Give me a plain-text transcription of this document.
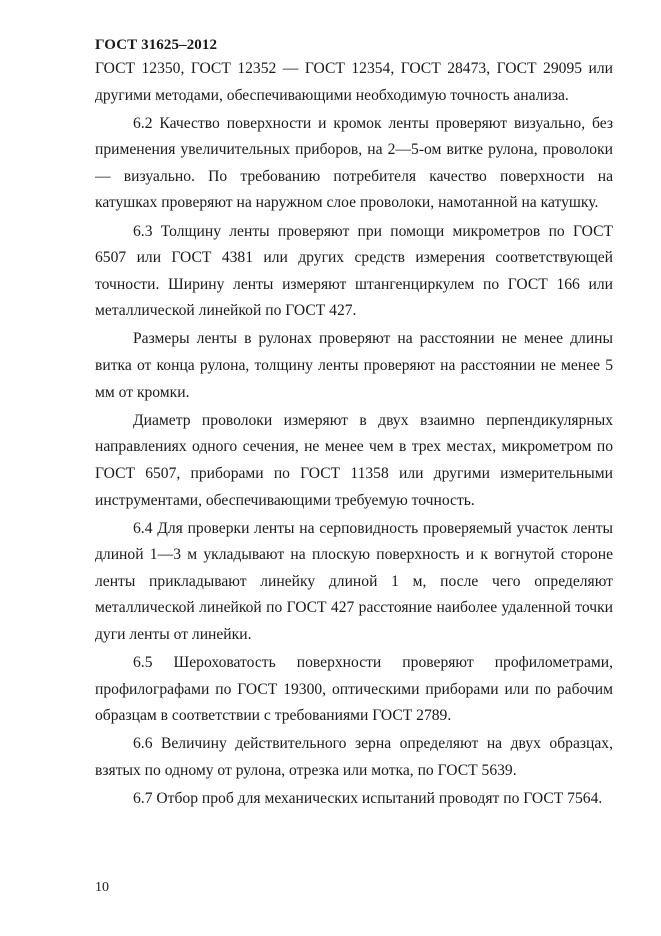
ГОСТ 31625–2012

ГОСТ 12350, ГОСТ 12352 — ГОСТ 12354, ГОСТ 28473, ГОСТ 29095 или другими методами, обеспечивающими необходимую точность анализа.

6.2 Качество поверхности и кромок ленты проверяют визуально, без применения увеличительных приборов, на 2—5-ом витке рулона, проволоки — визуально. По требованию потребителя качество поверхности на катушках проверяют на наружном слое проволоки, намотанной на катушку.

6.3 Толщину ленты проверяют при помощи микрометров по ГОСТ 6507 или ГОСТ 4381 или других средств измерения соответствующей точности. Ширину ленты измеряют штангенциркулем по ГОСТ 166 или металлической линейкой по ГОСТ 427.

Размеры ленты в рулонах проверяют на расстоянии не менее длины витка от конца рулона, толщину ленты проверяют на расстоянии не менее 5 мм от кромки.

Диаметр проволоки измеряют в двух взаимно перпендикулярных направлениях одного сечения, не менее чем в трех местах, микрометром по ГОСТ 6507, приборами по ГОСТ 11358 или другими измерительными инструментами, обеспечивающими требуемую точность.

6.4 Для проверки ленты на серповидность проверяемый участок ленты длиной 1—3 м укладывают на плоскую поверхность и к вогнутой стороне ленты прикладывают линейку длиной 1 м, после чего определяют металлической линейкой по ГОСТ 427 расстояние наиболее удаленной точки дуги ленты от линейки.

6.5 Шероховатость поверхности проверяют профилометрами, профилографами по ГОСТ 19300, оптическими приборами или по рабочим образцам в соответствии с требованиями ГОСТ 2789.

6.6 Величину действительного зерна определяют на двух образцах, взятых по одному от рулона, отрезка или мотка, по ГОСТ 5639.

6.7 Отбор проб для механических испытаний проводят по ГОСТ 7564.

10
